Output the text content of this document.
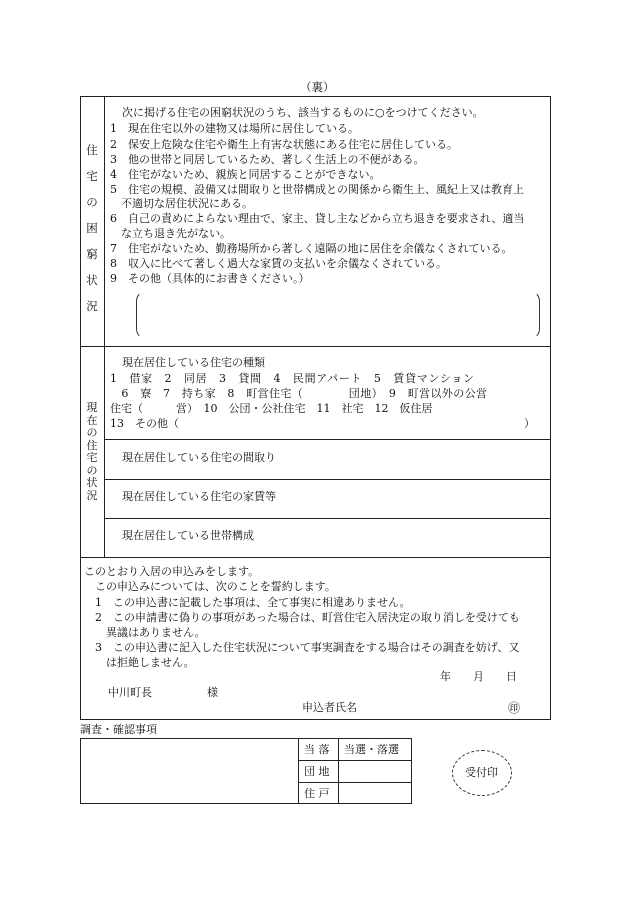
（裏）
住
宅
の
困
窮
状
況
次に掲げる住宅の困窮状況のうち、該当するものに○をつけてください。
1　現在住宅以外の建物又は場所に居住している。
2　保安上危険な住宅や衛生上有害な状態にある住宅に居住している。
3　他の世帯と同居しているため、著しく生活上の不便がある。
4　住宅がないため、親族と同居することができない。
5　住宅の規模、設備又は間取りと世帯構成との関係から衛生上、風紀上又は教育上
　不適切な居住状況にある。
6　自己の責めによらない理由で、家主、貸し主などから立ち退きを要求され、適当
　な立ち退き先がない。
7　住宅がないため、勤務場所から著しく遠隔の地に居住を余儀なくされている。
8　収入に比べて著しく過大な家賃の支払いを余儀なくされている。
9　その他（具体的にお書きください。）
現
在
の
住
宅
の
状
況
現在居住している住宅の種類
1　借家　2　同居　3　貸間　4　民間アパート　5　賃貸マンション
　6　寮　7　持ち家　8　町営住宅（　　　　団地）　9　町営以外の公営
住宅（　　　営）　10　公団・公社住宅　11　社宅　12　仮住居
13　その他（	）
現在居住している住宅の間取り
現在居住している住宅の家賃等
現在居住している世帯構成
このとおり入居の申込みをします。
　この申込みについては、次のことを誓約します。
　1　この申込書に記載した事項は、全て事実に相違ありません。
　2　この申請書に偽りの事項があった場合は、町営住宅入居決定の取り消しを受けても
　　異議はありません。
　3　この申込書に記入した住宅状況について事実調査をする場合はその調査を妨げ、又
　　は拒絶しません。
年　　月　　日
中川町長　　　　　様
申込者氏名	㊞
調査・確認事項
当 落 当選・落選
団 地
住 戸
受付印
